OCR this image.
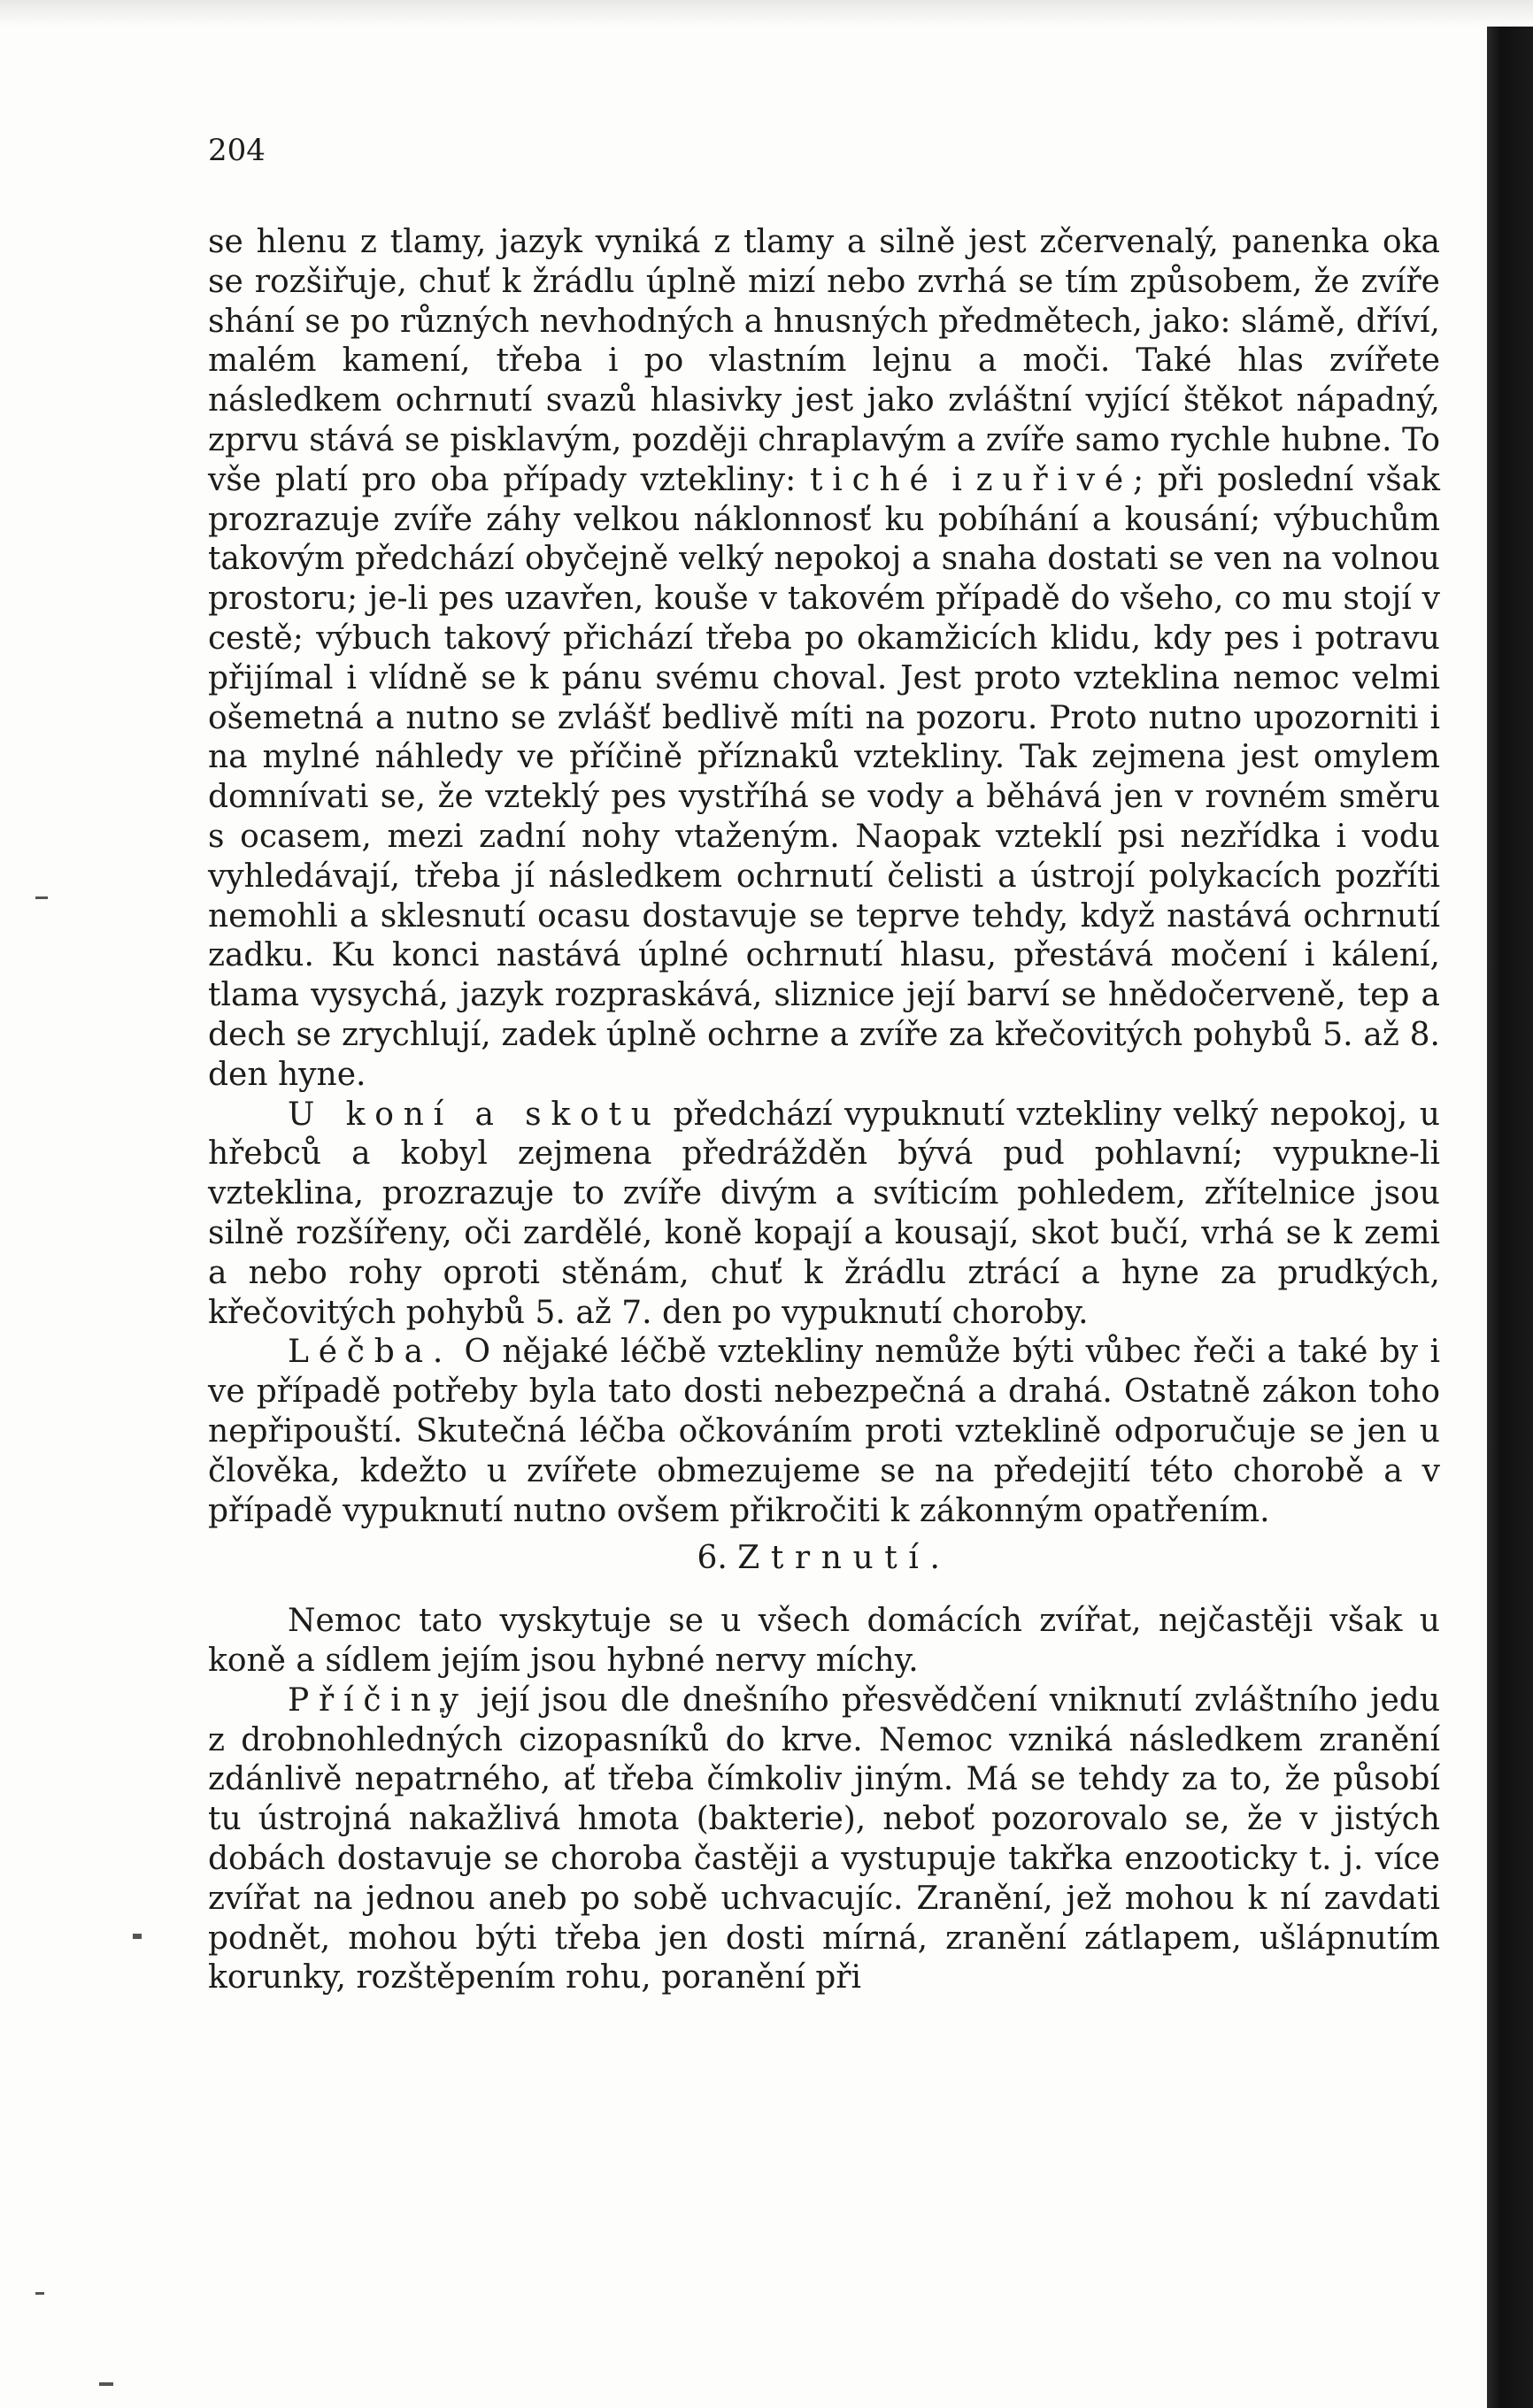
204

se hlenu z tlamy, jazyk vyniká z tlamy a silně jest zčervenalý, panenka oka se rozšiřuje, chuť k žrádlu úplně mizí nebo zvrhá se tím způsobem, že zvíře shání se po různých nevhodných a hnusných předmětech, jako: slámě, dříví, malém kamení, třeba i po vlastním lejnu a moči. Také hlas zvířete následkem ochrnutí svazů hlasivky jest jako zvláštní vyjící štěkot nápadný, zprvu stává se pisklavým, později chraplavým a zvíře samo rychle hubne. To vše platí pro oba případy vztekliny: tiché i zuřivé; při poslední však prozrazuje zvíře záhy velkou náklonnosť ku pobíhání a kousání; výbuchům takovým předchází obyčejně velký nepokoj a snaha dostati se ven na volnou prostoru; je-li pes uzavřen, kouše v takovém případě do všeho, co mu stojí v cestě; výbuch takový přichází třeba po okamžicích klidu, kdy pes i potravu přijímal i vlídně se k pánu svému choval. Jest proto vzteklina nemoc velmi ošemetná a nutno se zvlášť bedlivě míti na pozoru. Proto nutno upozorniti i na mylné náhledy ve příčině příznaků vztekliny. Tak zejmena jest omylem domnívati se, že vzteklý pes vystříhá se vody a běhává jen v rovném směru s ocasem, mezi zadní nohy vtaženým. Naopak vzteklí psi nezřídka i vodu vyhledávají, třeba jí následkem ochrnutí čelisti a ústrojí polykacích pozříti nemohli a sklesnutí ocasu dostavuje se teprve tehdy, když nastává ochrnutí zadku. Ku konci nastává úplné ochrnutí hlasu, přestává močení i kálení, tlama vysychá, jazyk rozpraskává, sliznice její barví se hnědočerveně, tep a dech se zrychlují, zadek úplně ochrne a zvíře za křečovitých pohybů 5. až 8. den hyne.

U koní a skotu předchází vypuknutí vztekliny velký nepokoj, u hřebců a kobyl zejmena předrážděn bývá pud pohlavní; vypukne-li vzteklina, prozrazuje to zvíře divým a svíticím pohledem, zřítelnice jsou silně rozšířeny, oči zardělé, koně kopají a kousají, skot bučí, vrhá se k zemi a nebo rohy oproti stěnám, chuť k žrádlu ztrácí a hyne za prudkých, křečovitých pohybů 5. až 7. den po vypuknutí choroby.

Léčba. O nějaké léčbě vztekliny nemůže býti vůbec řeči a také by i ve případě potřeby byla tato dosti nebezpečná a drahá. Ostatně zákon toho nepřipouští. Skutečná léčba očkováním proti vzteklině odporučuje se jen u člověka, kdežto u zvířete obmezujeme se na předejití této chorobě a v případě vypuknutí nutno ovšem přikročiti k zákonným opatřením.

6. Ztrnutí.

Nemoc tato vyskytuje se u všech domácích zvířat, nejčastěji však u koně a sídlem jejím jsou hybné nervy míchy.

Příčiny její jsou dle dnešního přesvědčení vniknutí zvláštního jedu z drobnohledných cizopasníků do krve. Nemoc vzniká následkem zranění zdánlivě nepatrného, ať třeba čímkoliv jiným. Má se tehdy za to, že působí tu ústrojná nakažlivá hmota (bakterie), neboť pozorovalo se, že v jistých dobách dostavuje se choroba častěji a vystupuje takřka enzooticky t. j. více zvířat na jednou aneb po sobě uchvacujíc. Zranění, jež mohou k ní zavdati podnět, mohou býti třeba jen dosti mírná, zranění zátlapem, ušlápnutím korunky, rozštěpením rohu, poranění při
